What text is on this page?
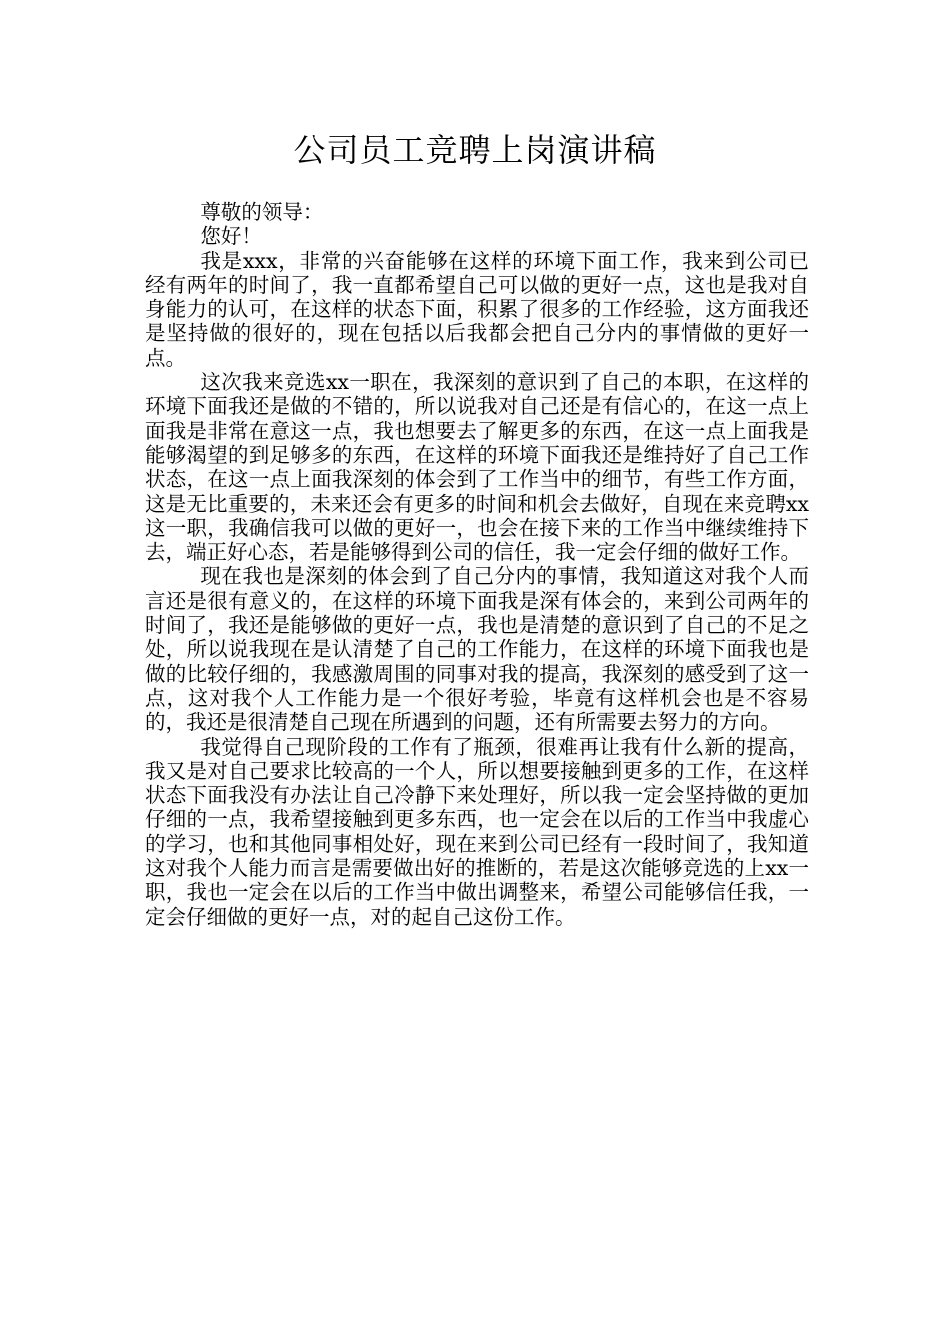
公司员工竞聘上岗演讲稿

尊敬的领导：

您好！

我是xxx，非常的兴奋能够在这样的环境下面工作，我来到公司已经有两年的时间了，我一直都希望自己可以做的更好一点，这也是我对自身能力的认可，在这样的状态下面，积累了很多的工作经验，这方面我还是坚持做的很好的，现在包括以后我都会把自己分内的事情做的更好一点。

这次我来竞选xx一职在，我深刻的意识到了自己的本职，在这样的环境下面我还是做的不错的，所以说我对自己还是有信心的，在这一点上面我是非常在意这一点，我也想要去了解更多的东西，在这一点上面我是能够渴望的到足够多的东西，在这样的环境下面我还是维持好了自己工作状态，在这一点上面我深刻的体会到了工作当中的细节，有些工作方面，这是无比重要的，未来还会有更多的时间和机会去做好，自现在来竞聘xx这一职，我确信我可以做的更好一，也会在接下来的工作当中继续维持下去，端正好心态，若是能够得到公司的信任，我一定会仔细的做好工作。

现在我也是深刻的体会到了自己分内的事情，我知道这对我个人而言还是很有意义的，在这样的环境下面我是深有体会的，来到公司两年的时间了，我还是能够做的更好一点，我也是清楚的意识到了自己的不足之处，所以说我现在是认清楚了自己的工作能力，在这样的环境下面我也是做的比较仔细的，我感激周围的同事对我的提高，我深刻的感受到了这一点，这对我个人工作能力是一个很好考验，毕竟有这样机会也是不容易的，我还是很清楚自己现在所遇到的问题，还有所需要去努力的方向。

我觉得自己现阶段的工作有了瓶颈，很难再让我有什么新的提高，我又是对自己要求比较高的一个人，所以想要接触到更多的工作，在这样状态下面我没有办法让自己冷静下来处理好，所以我一定会坚持做的更加仔细的一点，我希望接触到更多东西，也一定会在以后的工作当中我虚心的学习，也和其他同事相处好，现在来到公司已经有一段时间了，我知道这对我个人能力而言是需要做出好的推断的，若是这次能够竞选的上xx一职，我也一定会在以后的工作当中做出调整来，希望公司能够信任我，一定会仔细做的更好一点，对的起自己这份工作。
